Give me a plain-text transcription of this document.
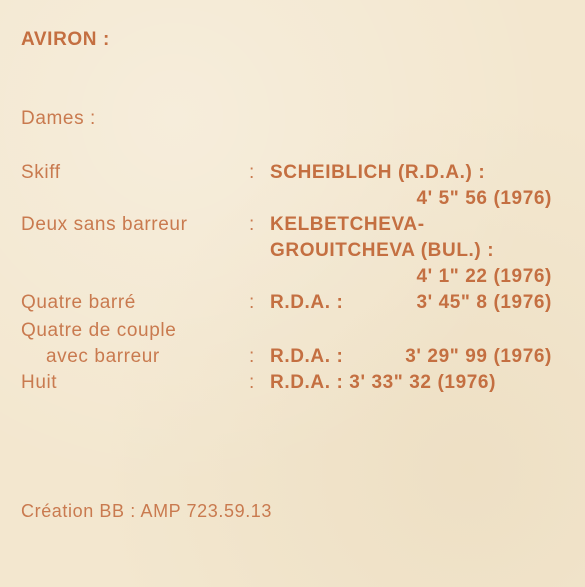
AVIRON :

Dames :

Skiff	: SCHEIBLICH (R.D.A.) :

4' 5" 56 (1976)

Deux sans barreur	: KELBETCHEVA-

GROUITCHEVA (BUL.) :

4' 1" 22 (1976)

Quatre barré	: R.D.A. :	3' 45" 8 (1976)

Quatre de couple

avec barreur	: R.D.A. :	3' 29" 99 (1976)

Huit	: R.D.A. : 3' 33" 32 (1976)

Création BB : AMP 723.59.13
